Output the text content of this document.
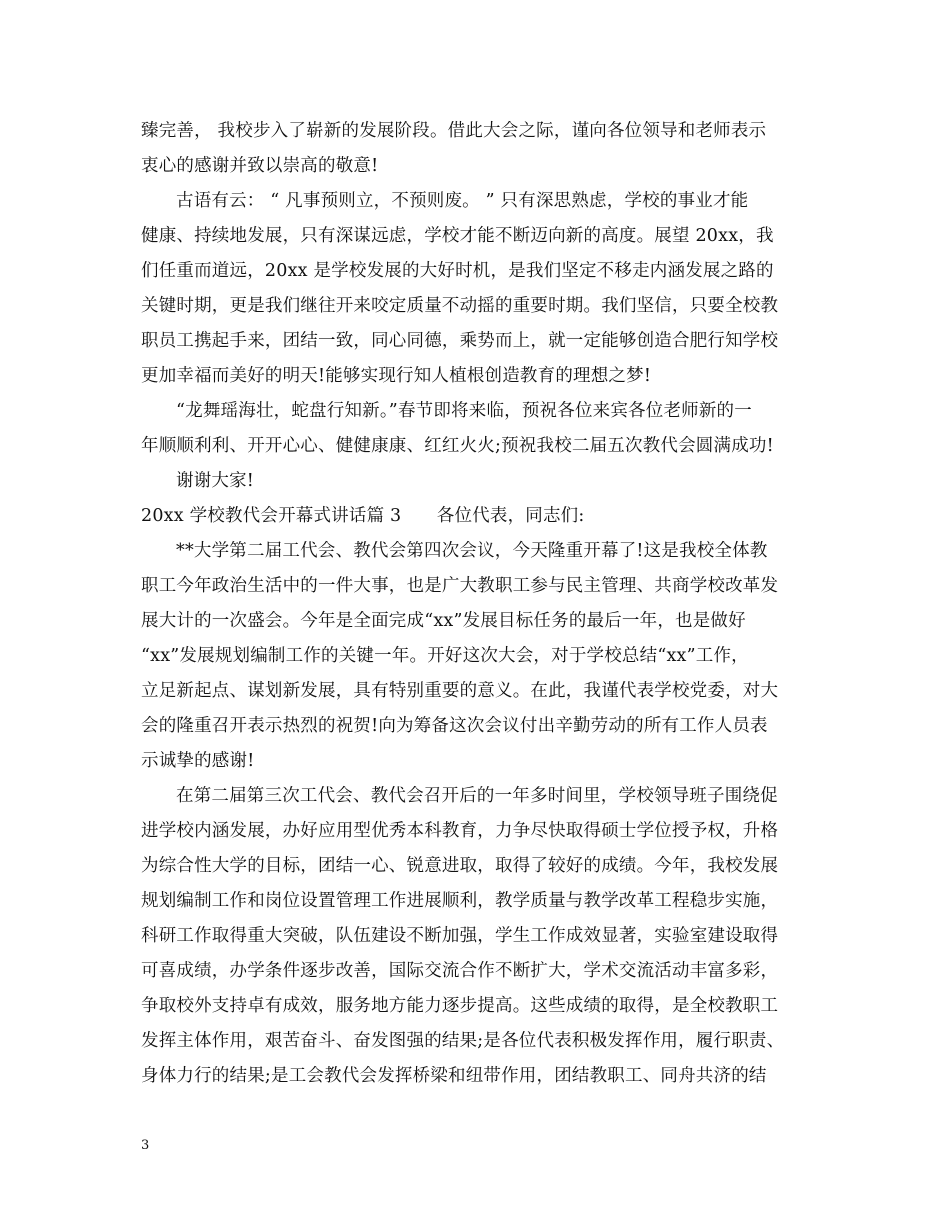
臻完善， 我校步入了崭新的发展阶段。借此大会之际，谨向各位领导和老师表示
衷心的感谢并致以崇高的敬意!
古语有云： “ 凡事预则立，不预则废。 ” 只有深思熟虑，学校的事业才能
健康、持续地发展，只有深谋远虑，学校才能不断迈向新的高度。展望 20xx，我
们任重而道远，20xx 是学校发展的大好时机，是我们坚定不移走内涵发展之路的
关键时期，更是我们继往开来咬定质量不动摇的重要时期。我们坚信，只要全校教
职员工携起手来，团结一致，同心同德，乘势而上，就一定能够创造合肥行知学校
更加幸福而美好的明天!能够实现行知人植根创造教育的理想之梦!
“龙舞瑶海壮，蛇盘行知新。”春节即将来临，预祝各位来宾各位老师新的一
年顺顺利利、开开心心、健健康康、红红火火;预祝我校二届五次教代会圆满成功!
谢谢大家!
20xx 学校教代会开幕式讲话篇 3　　各位代表，同志们:
**大学第二届工代会、教代会第四次会议，今天隆重开幕了!这是我校全体教
职工今年政治生活中的一件大事，也是广大教职工参与民主管理、共商学校改革发
展大计的一次盛会。今年是全面完成“xx”发展目标任务的最后一年，也是做好
“xx”发展规划编制工作的关键一年。开好这次大会，对于学校总结“xx”工作，
立足新起点、谋划新发展，具有特别重要的意义。在此，我谨代表学校党委，对大
会的隆重召开表示热烈的祝贺!向为筹备这次会议付出辛勤劳动的所有工作人员表
示诚挚的感谢!
在第二届第三次工代会、教代会召开后的一年多时间里，学校领导班子围绕促
进学校内涵发展，办好应用型优秀本科教育，力争尽快取得硕士学位授予权，升格
为综合性大学的目标，团结一心、锐意进取，取得了较好的成绩。今年，我校发展
规划编制工作和岗位设置管理工作进展顺利，教学质量与教学改革工程稳步实施，
科研工作取得重大突破，队伍建设不断加强，学生工作成效显著，实验室建设取得
可喜成绩，办学条件逐步改善，国际交流合作不断扩大，学术交流活动丰富多彩，
争取校外支持卓有成效，服务地方能力逐步提高。这些成绩的取得，是全校教职工
发挥主体作用，艰苦奋斗、奋发图强的结果;是各位代表积极发挥作用，履行职责、
身体力行的结果;是工会教代会发挥桥梁和纽带作用，团结教职工、同舟共济的结
3
